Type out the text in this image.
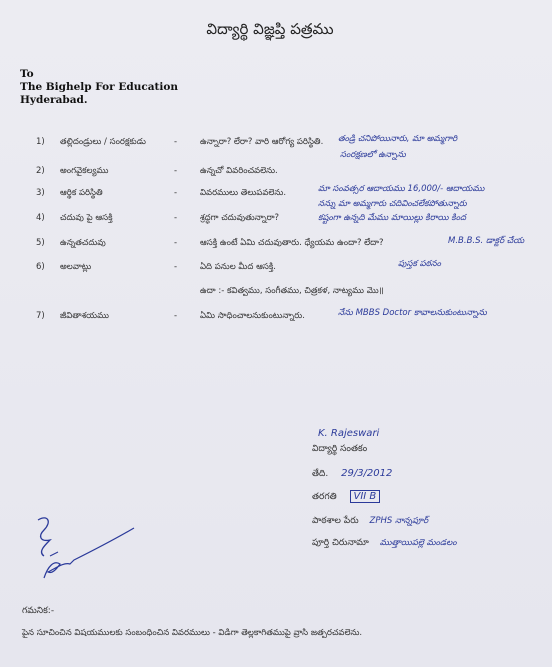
విద్యార్థి విజ్ఞప్తి పత్రము
To
The Bighelp For Education
Hyderabad.
1) తల్లిదండ్రులు / సంరక్షకుడు	-	ఉన్నారా? లేరా? వారి ఆరోగ్య పరిస్థితి. తండ్రి చనిపోయినారు, మా అమ్మగారి
సంరక్షణలో ఉన్నాను
2) అంగవైకల్యము	-	ఉన్నచో వివరించవలెను.
3) ఆర్థిక పరిస్థితి	-	వివరములు తెలుపవలెను.	మా సంవత్సర ఆదాయము 16,000/- ఆదాయము
నన్ను మా అమ్మగారు చదివించలేకపోతున్నారు
4) చదువు పై ఆసక్తి	-	శ్రద్ధగా చదువుతున్నారా?	కష్టంగా ఉన్నది మేము మాయిల్లు కిరాయి కింద
5) ఉన్నతచదువు	-	ఆసక్తి ఉంటే ఏమి చదువుతారు. ధ్యేయమ ఉందా? లేదా?	M.B.B.S. డాక్టర్ చేయ
6) అలవాట్లు	-	ఏది పనుల మీద ఆసక్తి.	పుస్తక పఠనం
ఉదా :- కవిత్వము, సంగీతము, చిత్రకళ, నాట్యము మొ॥
7) జీవితాశయము	-	ఏమి సాధించాలనుకుంటున్నారు.	నేను MBBS Doctor కావాలనుకుంటున్నాను
K. Rajeswari
విద్యార్థి సంతకం
తేది. 29/3/2012
తరగతి VII B
పాఠశాల పేరు ZPHS నాన్నపూర్
పూర్తి చిరునామా ముత్తాయిపల్లె మండలం
గమనిక:-
పైన సూచించిన విషయములకు సంబంధించిన వివరములు - విడిగా తెల్లకాగితముపై వ్రాసి జత్పరచవలెను.
